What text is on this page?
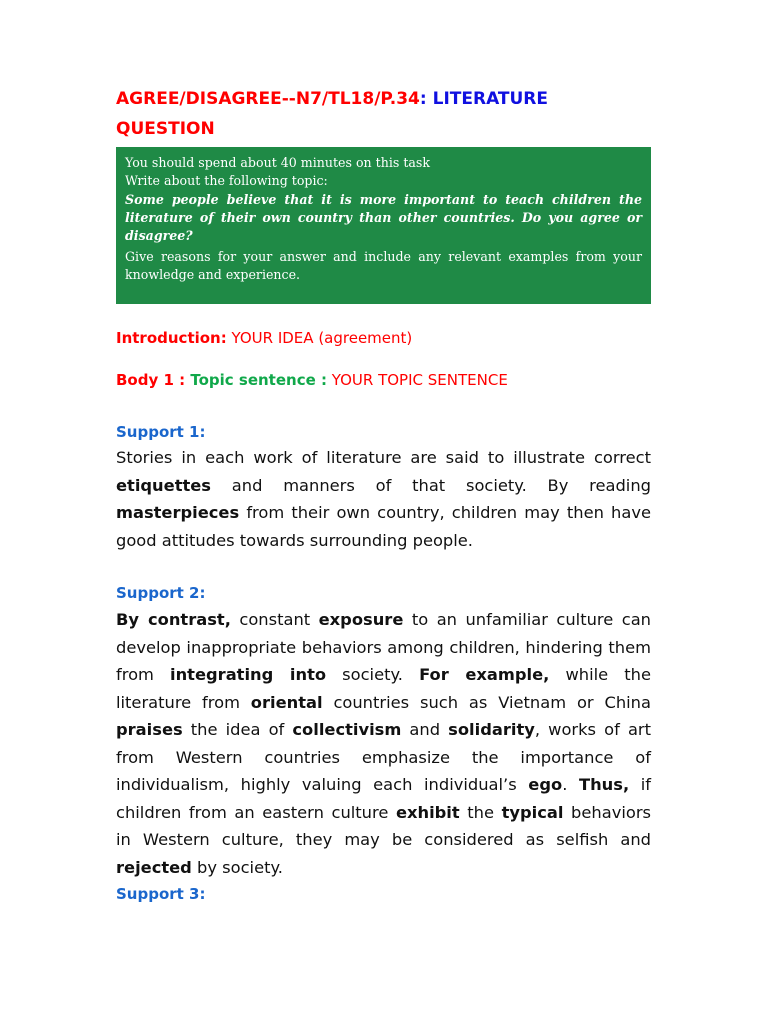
AGREE/DISAGREE--N7/TL18/P.34: LITERATURE
QUESTION
You should spend about 40 minutes on this task
Write about the following topic:
Some people believe that it is more important to teach children the literature of their own country than other countries. Do you agree or disagree?
Give reasons for your answer and include any relevant examples from your knowledge and experience.
Introduction: YOUR IDEA (agreement)
Body 1 : Topic sentence : YOUR TOPIC SENTENCE
Support 1:
Stories in each work of literature are said to illustrate correct etiquettes and manners of that society. By reading masterpieces from their own country, children may then have good attitudes towards surrounding people.
Support 2:
By contrast, constant exposure to an unfamiliar culture can develop inappropriate behaviors among children, hindering them from integrating into society. For example, while the literature from oriental countries such as Vietnam or China praises the idea of collectivism and solidarity, works of art from Western countries emphasize the importance of individualism, highly valuing each individual’s ego. Thus, if children from an eastern culture exhibit the typical behaviors in Western culture, they may be considered as selfish and rejected by society.
Support 3:
